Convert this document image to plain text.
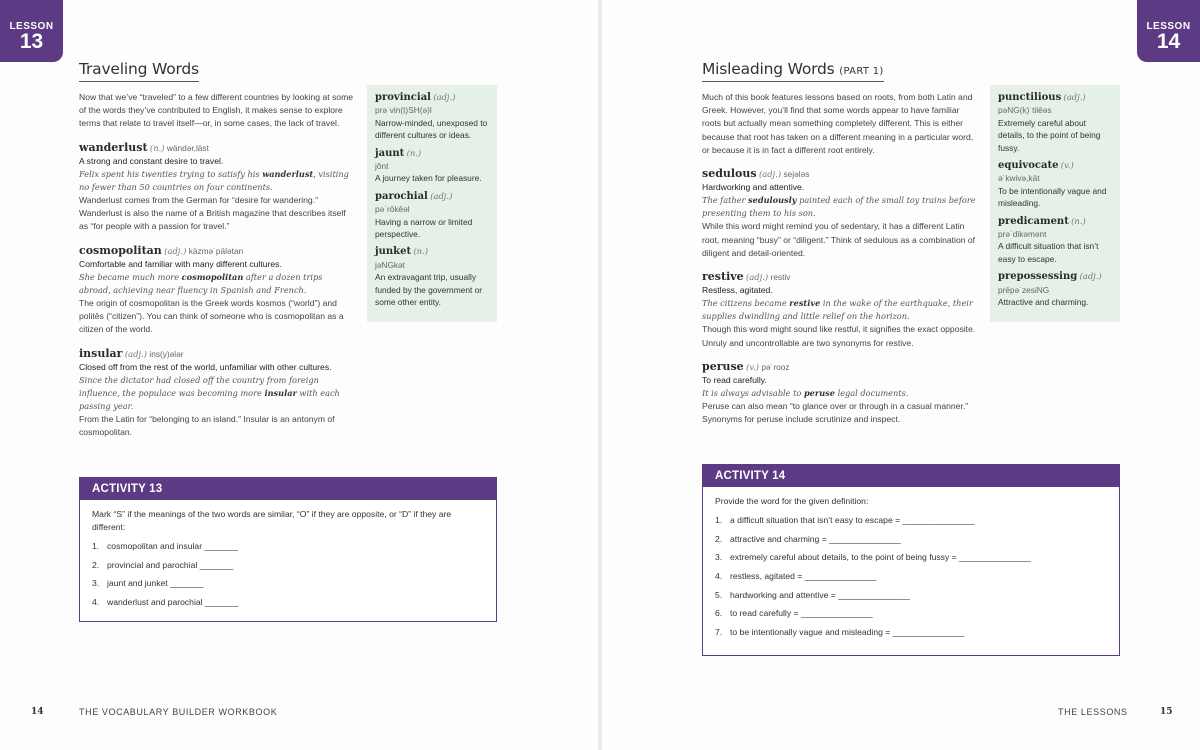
LESSON
13
Traveling Words

Now that we’ve “traveled” to a few different countries by looking at some of the words they’ve contributed to English, it makes sense to explore terms that relate to travel itself—or, in some cases, the lack of travel.

wanderlust (n.) wändər,läst
A strong and constant desire to travel.
Felix spent his twenties trying to satisfy his wanderlust, visiting no fewer than 50 countries on four continents.
Wanderlust comes from the German for “desire for wandering.” Wanderlust is also the name of a British magazine that describes itself as “for people with a passion for travel.”
cosmopolitan (adj.) käzmə˙pälətan
Comfortable and familiar with many different cultures.
She became much more cosmopolitan after a dozen trips abroad, achieving near fluency in Spanish and French.
The origin of cosmopolitan is the Greek words kosmos (“world”) and politēs (“citizen”). You can think of someone who is cosmopolitan as a citizen of the world.
insular (adj.) ins(y)ələr
Closed off from the rest of the world, unfamiliar with other cultures.
Since the dictator had closed off the country from foreign influence, the populace was becoming more insular with each passing year.
From the Latin for “belonging to an island.” Insular is an antonym of cosmopolitan.
provincial (adj.)
prə˙vin(t)SH(ə)l
Narrow-minded, unexposed to different cultures or ideas.
jaunt (n.)
jônt
A journey taken for pleasure.
parochial (adj.)
pə˙rōkēəl
Having a narrow or limited perspective.
junket (n.)
jəNGkət
An extravagant trip, usually funded by the government or some other entity.
ACTIVITY 13
Mark “S” if the meanings of the two words are similar, “O” if they are opposite, or “D” if they are different:
1. cosmopolitan and insular _______
2. provincial and parochial _______
3. jaunt and junket _______
4. wanderlust and parochial _______
14	THE VOCABULARY BUILDER WORKBOOK
LESSON
14
Misleading Words (PART 1)

Much of this book features lessons based on roots, from both Latin and Greek. However, you’ll find that some words appear to have familiar roots but actually mean something completely different. This is either because that root has taken on a different meaning in a particular word, or because it is in fact a different root entirely.

sedulous (adj.) sejələs
Hardworking and attentive.
The father sedulously painted each of the small toy trains before presenting them to his son.
While this word might remind you of sedentary, it has a different Latin root, meaning “busy” or “diligent.” Think of sedulous as a combination of diligent and detail-oriented.
restive (adj.) restiv
Restless, agitated.
The citizens became restive in the wake of the earthquake, their supplies dwindling and little relief on the horizon.
Though this word might sound like restful, it signifies the exact opposite. Unruly and uncontrollable are two synonyms for restive.
peruse (v.) pə˙rooz
To read carefully.
It is always advisable to peruse legal documents.
Peruse can also mean “to glance over or through in a casual manner.” Synonyms for peruse include scrutinize and inspect.
punctilious (adj.)
pəNG(k)˙tilēəs
Extremely careful about details, to the point of being fussy.
equivocate (v.)
ə˙kwivə,kāt
To be intentionally vague and misleading.
predicament (n.)
prə˙dikəmənt
A difficult situation that isn’t easy to escape.
prepossessing (adj.)
prēpə˙zesiNG
Attractive and charming.
ACTIVITY 14
Provide the word for the given definition:
1. a difficult situation that isn’t easy to escape = _______________
2. attractive and charming = _______________
3. extremely careful about details, to the point of being fussy = _______________
4. restless, agitated = _______________
5. hardworking and attentive = _______________
6. to read carefully = _______________
7. to be intentionally vague and misleading = _______________
THE LESSONS	15
